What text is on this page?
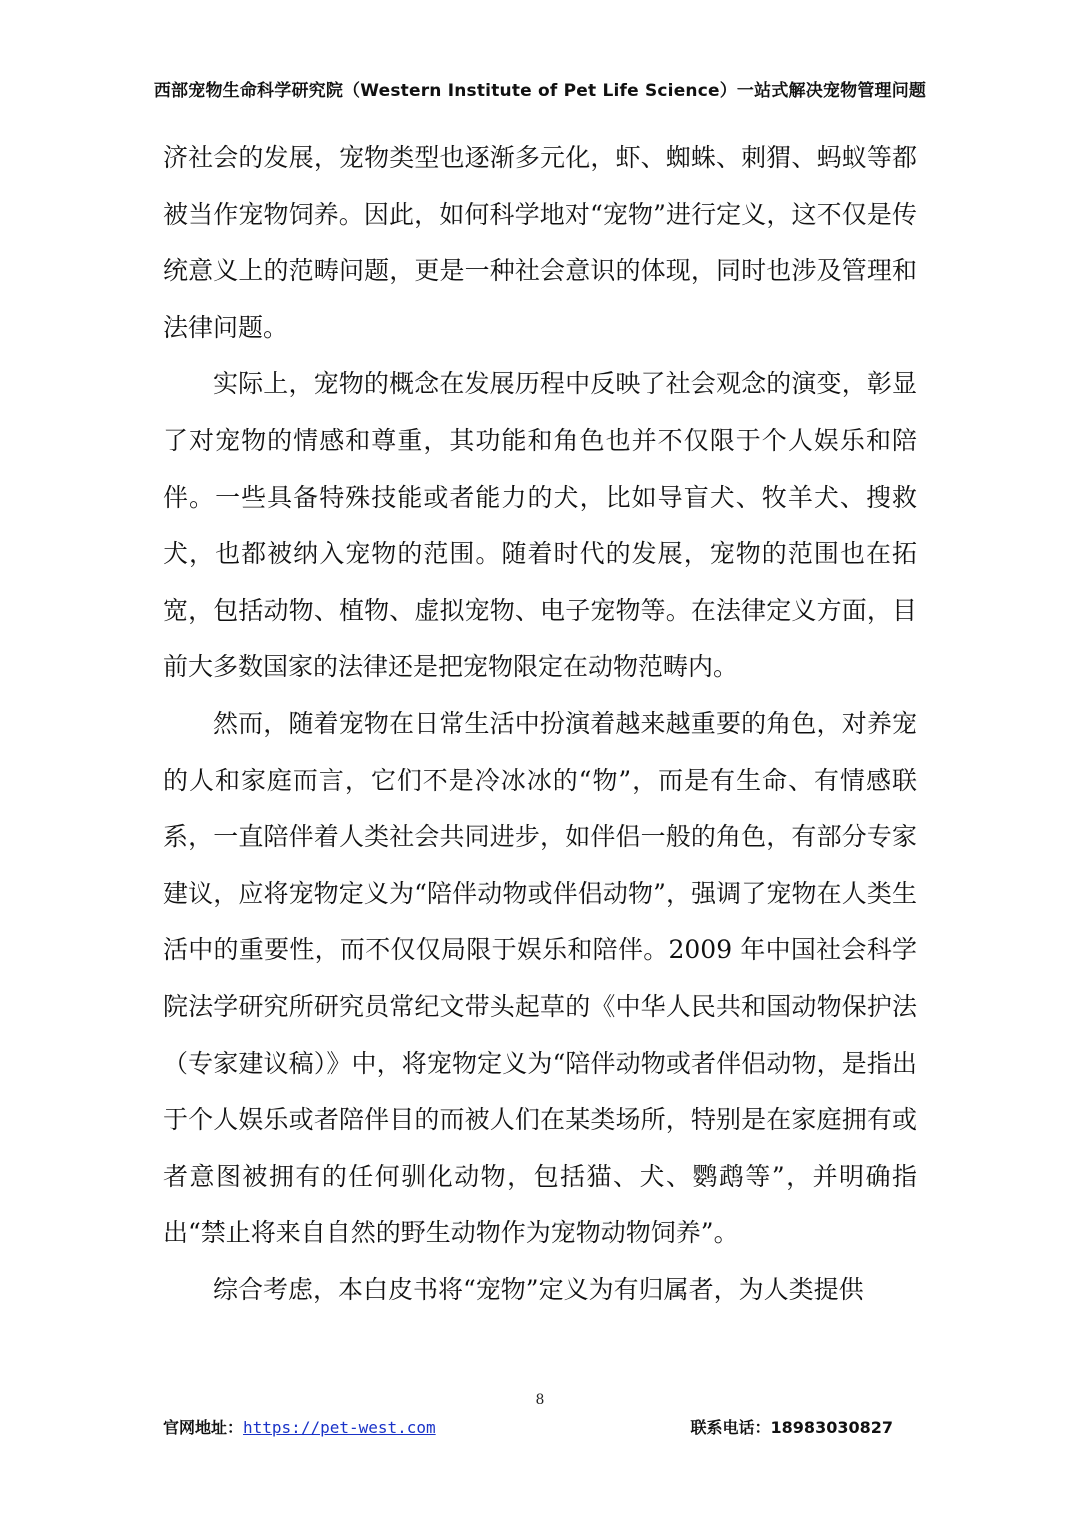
西部宠物生命科学研究院（Western Institute of Pet Life Science）一站式解决宠物管理问题

济社会的发展，宠物类型也逐渐多元化，虾、蜘蛛、刺猬、蚂蚁等都被当作宠物饲养。因此，如何科学地对“宠物”进行定义，这不仅是传统意义上的范畴问题，更是一种社会意识的体现，同时也涉及管理和法律问题。

实际上，宠物的概念在发展历程中反映了社会观念的演变，彰显了对宠物的情感和尊重，其功能和角色也并不仅限于个人娱乐和陪伴。一些具备特殊技能或者能力的犬，比如导盲犬、牧羊犬、搜救犬，也都被纳入宠物的范围。随着时代的发展，宠物的范围也在拓宽，包括动物、植物、虚拟宠物、电子宠物等。在法律定义方面，目前大多数国家的法律还是把宠物限定在动物范畴内。

然而，随着宠物在日常生活中扮演着越来越重要的角色，对养宠的人和家庭而言，它们不是冷冰冰的“物”，而是有生命、有情感联系，一直陪伴着人类社会共同进步，如伴侣一般的角色，有部分专家建议，应将宠物定义为“陪伴动物或伴侣动物”，强调了宠物在人类生活中的重要性，而不仅仅局限于娱乐和陪伴。2009 年中国社会科学院法学研究所研究员常纪文带头起草的《中华人民共和国动物保护法（专家建议稿）》中，将宠物定义为“陪伴动物或者伴侣动物，是指出于个人娱乐或者陪伴目的而被人们在某类场所，特别是在家庭拥有或者意图被拥有的任何驯化动物，包括猫、犬、鹦鹉等”，并明确指出“禁止将来自自然的野生动物作为宠物动物饲养”。

综合考虑，本白皮书将“宠物”定义为有归属者，为人类提供

8
官网地址：https://pet-west.com	联系电话：18983030827
